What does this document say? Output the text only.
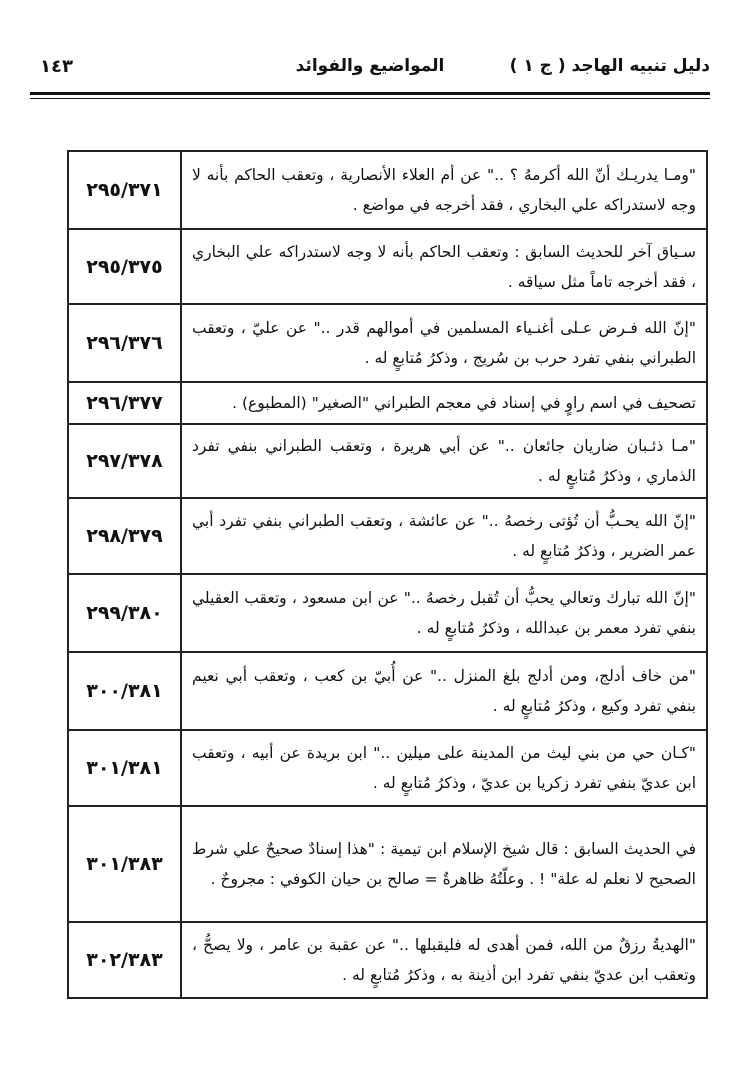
دليل تنبيه الهاجد ( ج ١ )
المواضيع والفوائد
١٤٣
"ومـا يدريـك أنّ الله أكرمهُ ؟ .." عن أم العلاء الأنصارية ، وتعقب الحاكم بأنه لا وجه لاستدراكه علي البخاري ، فقد أخرجه في مواضع .	٢٩٥/٣٧١
سـياق آخر للحديث السابق : وتعقب الحاكم بأنه لا وجه لاستدراكه علي البخاري ، فقد أخرجه تاماً مثل سياقه .	٢٩٥/٣٧٥
"إنّ الله فـرض عـلى أغنـياء المسلمين في أموالهم قدر .." عن عليّ ، وتعقب الطبراني بنفي تفرد حرب بن سُريج ، وذكرُ مُتابعٍ له .	٢٩٦/٣٧٦
تصحيف في اسم راوٍ في إسناد في معجم الطبراني "الصغير" (المطبوع) .	٢٩٦/٣٧٧
"مـا ذئـبان ضاريان جائعان .." عن أبي هريرة ، وتعقب الطبراني بنفي تفرد الذماري ، وذكرُ مُتابعٍ له .	٢٩٧/٣٧٨
"إنّ الله يحـبُّ أن تُؤتى رخصهُ .." عن عائشة ، وتعقب الطبراني بنفي تفرد أبي عمر الضرير ، وذكرُ مُتابعٍ له .	٢٩٨/٣٧٩
"إنّ الله تبارك وتعالي يحبُّ أن تُقبل رخصهُ .." عن ابن مسعود ، وتعقب العقيلي بنفي تفرد معمر بن عبدالله ، وذكرُ مُتابعٍ له .	٢٩٩/٣٨٠
"من خاف أدلج، ومن أدلج بلغ المنزل .." عن أُبيّ بن كعب ، وتعقب أبي نعيم بنفي تفرد وكيع ، وذكرُ مُتابعٍ له .	٣٠٠/٣٨١
"كـان حي من بني ليث من المدينة على ميلين .." ابن بريدة عن أبيه ، وتعقب ابن عديّ بنفي تفرد زكريا بن عديّ ، وذكرُ مُتابعٍ له .	٣٠١/٣٨١
في الحديث السابق : قال شيخ الإسلام ابن تيمية : "هذا إسنادٌ صحيحٌ علي شرط الصحيح لا نعلم له علة" ! . وعلّتُهُ ظاهرةٌ = صالح بن حيان الكوفي : مجروحٌ .	٣٠١/٣٨٣
"الهديةُ رزقٌ من الله، فمن أهدى له فليقبلها .." عن عقبة بن عامر ، ولا يصحُّ ، وتعقب ابن عديّ بنفي تفرد ابن أذينة به ، وذكرُ مُتابعٍ له .	٣٠٢/٣٨٣
